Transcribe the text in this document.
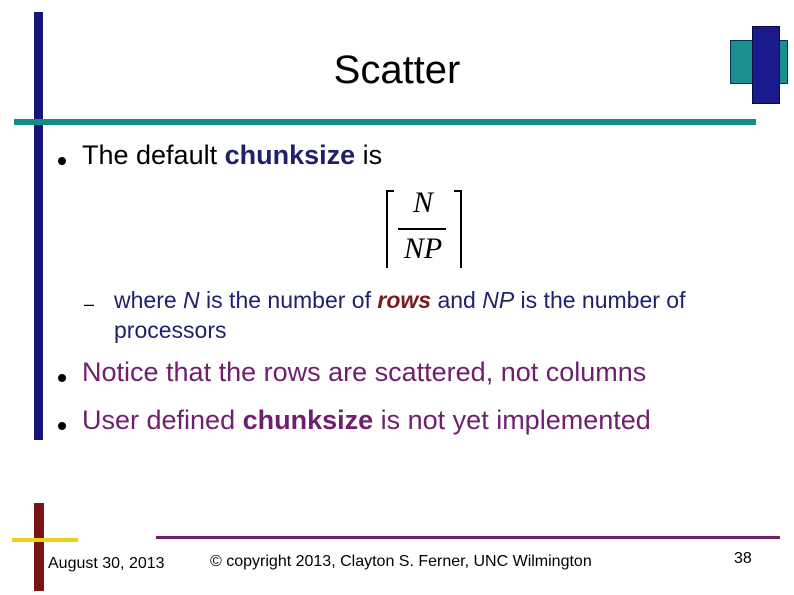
Scatter
The default chunksize is
N
NP
– where N is the number of rows and NP is the number of processors
Notice that the rows are scattered, not columns
User defined chunksize is not yet implemented
August 30, 2013	© copyright 2013, Clayton S. Ferner, UNC Wilmington	38
